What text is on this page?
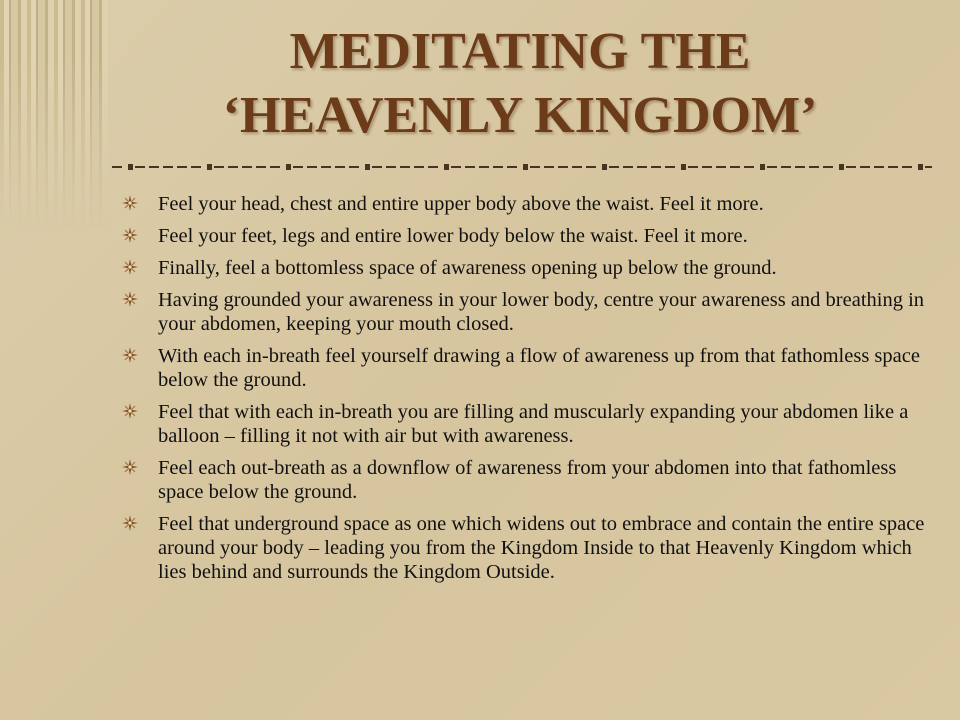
MEDITATING THE
‘HEAVENLY KINGDOM’
Feel your head, chest and entire upper body above the waist. Feel it more.
Feel your feet, legs and entire lower body below the waist. Feel it more.
Finally, feel a bottomless space of awareness opening up below the ground.
Having grounded your awareness in your lower body, centre your awareness and breathing in your abdomen, keeping your mouth closed.
With each in-breath feel yourself drawing a flow of awareness up from that fathomless space below the ground.
Feel that with each in-breath you are filling and muscularly expanding your abdomen like a balloon – filling it not with air but with awareness.
Feel each out-breath as a downflow of awareness from your abdomen into that fathomless space below the ground.
Feel that underground space as one which widens out to embrace and contain the entire space around your body – leading you from the Kingdom Inside to that Heavenly Kingdom which lies behind and surrounds the Kingdom Outside.
